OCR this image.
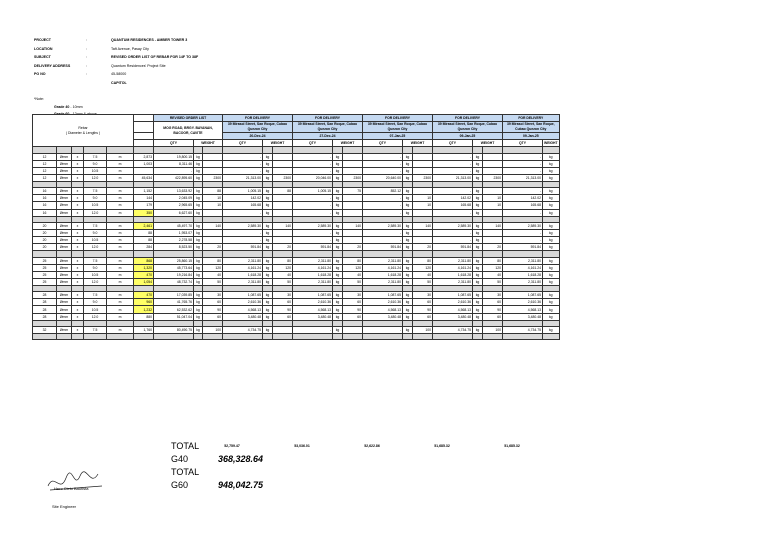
PROJECT	:	QUANTUM RESIDENCES - AMBER TOWER 3
LOCATION	:	Taft Avenue, Pasay City
SUBJECT	:	REVISED ORDER LIST OF REBAR FOR 14F TO 38F
DELIVERY ADDRESS	:	Quantum Residences' Project Site
PO NO	:	45-58000
CAPITOL
*Note:
Grade 40 - 10mm
Rebar
( Diameter & Lengths )						REVISED ORDER LIST			FOR DELIVERY			FOR DELIVERY			FOR DELIVERY			FOR DELIVERY			FOR DELIVERY	
						MOG ROAD, BRGY. BAYANAN, BACOOR, CAVITE			39 Mirasol Street, San Roque, Cubao Quezon City			39 Mirasol Street, San Roque, Cubao Quezon City			39 Mirasol Street, San Roque, Cubao Quezon City			39 Mirasol Street, San Roque, Cubao Quezon City			39 Mirasol Street, San Roque, Cubao Quezon City	
									20-Dec-24			27-Dec-24			07-Jan-25			09-Jan-25			09-Jan-25	
						QTY	WEIGHT		QTY	WEIGHT		QTY	WEIGHT		QTY	WEIGHT		QTY	WEIGHT		QTY	WEIGHT

12	Ømm	x	7.5	m	2,873	19,800.15	kg		-	kg		-	kg		-	kg		-	kg		-	kg
12	Ømm	x	9.0	m	1,003	8,311.46	kg		-	kg		-	kg		-	kg		-	kg		-	kg
12	Ømm	x	10.5	m		-	kg		-	kg		-	kg		-	kg		-	kg		-	kg
12	Ømm	x	12.0	m	45,634	422,895.60	kg	2300	21,313.00	kg	2300	20,046.00	kg	2300	20,640.00	kg	2300	21,313.00	kg	2300	21,313.00	kg

16	Ømm	x	7.5	m	1,152	13,633.92	kg	88	1,005.15	kg	88	1,005.15	kg	75	852.12	kg		-	kg		-	kg
16	Ømm	x	9.0	m	144	2,045.09	kg	10	142.02	kg		-	kg		-	kg	10	142.02	kg	10	142.02	kg
16	Ømm	x	10.5	m	179	2,965.65	kg	10	165.68	kg		-	kg		-	kg	10	165.68	kg	10	165.68	kg
16	Ømm	x	12.0	m	350	6,627.60	kg		-	kg		-	kg		-	kg		-	kg		-	kg

20	Ømm	x	7.5	m	2,461	45,497.70	kg	140	2,589.30	kg	140	2,589.30	kg	140	2,589.30	kg	140	2,589.30	kg	140	2,589.30	kg
20	Ømm	x	9.0	m	88	1,953.07	kg		-	kg		-	kg		-	kg		-	kg		-	kg
20	Ømm	x	10.5	m	88	2,278.58	kg		-	kg		-	kg		-	kg		-	kg		-	kg
20	Ømm	x	12.0	m	284	8,523.50	kg	20	591.84	kg	20	591.84	kg	20	591.84	kg	20	591.84	kg	20	591.84	kg

25	Ømm	x	7.5	m	868	25,860.15	kg	80	2,311.80	kg	80	2,311.80	kg	80	2,311.80	kg	80	2,311.80	kg	80	2,311.80	kg
25	Ømm	x	9.0	m	1,320	45,773.64	kg	120	4,161.24	kg	120	4,161.24	kg	120	4,161.24	kg	120	4,161.24	kg	120	4,161.24	kg
25	Ømm	x	10.5	m	470	19,216.84	kg	40	1,618.28	kg	40	1,618.28	kg	40	1,618.28	kg	40	1,618.28	kg	40	1,618.28	kg
25	Ømm	x	12.0	m	1,054	48,732.74	kg	50	2,311.80	kg	50	2,311.80	kg	50	2,311.80	kg	50	2,311.80	kg	50	2,311.80	kg

28	Ømm	x	7.5	m	470	17,039.85	kg	30	1,087.65	kg	30	1,087.65	kg	30	1,087.65	kg	30	1,087.65	kg	30	1,087.65	kg
28	Ømm	x	9.0	m	960	41,765.76	kg	60	2,610.36	kg	60	2,610.36	kg	60	2,610.36	kg	60	2,610.36	kg	60	2,610.36	kg
28	Ømm	x	10.5	m	1,232	62,532.62	kg	90	4,568.13	kg	90	4,568.13	kg	90	4,568.13	kg	90	4,568.13	kg	90	4,568.13	kg
28	Ømm	x	12.0	m	880	51,047.04	kg	60	3,480.48	kg	60	3,480.48	kg	60	3,480.48	kg	60	3,480.48	kg	60	3,480.48	kg

32	Ømm	x	7.5	m	1,760	80,490.75	kg	100	4,734.75	kg		-	kg		-	kg	100	4,734.75	kg	100	4,734.75	kg

TOTAL G40	368,328.64
TOTAL G60	948,042.75
52,759.47	53,036.01	52,622.86	51,685.32	51,685.32
Hero Cielo Bautista
Site Engineer
